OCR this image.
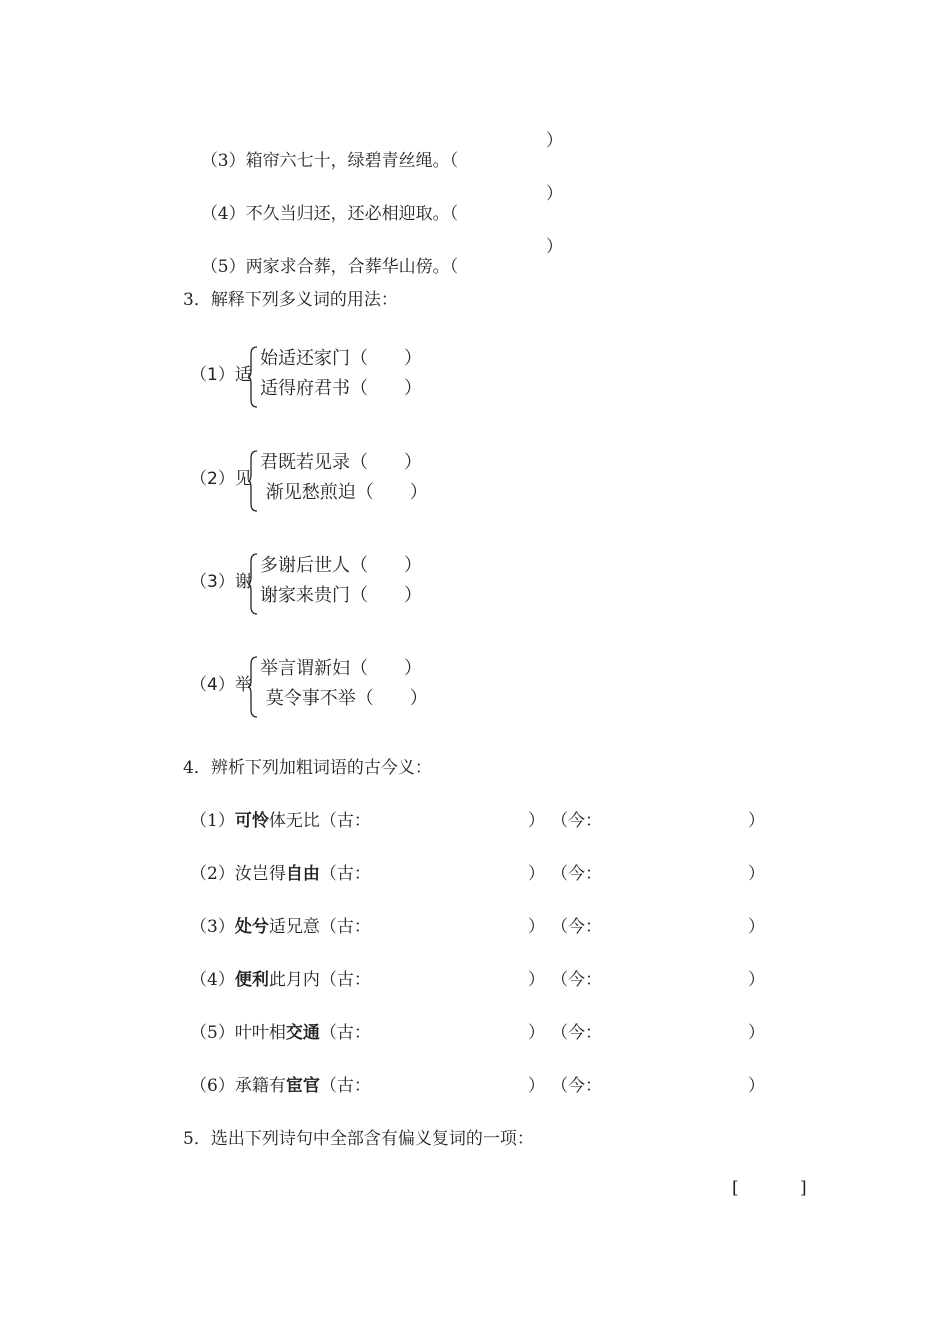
（3）箱帘六七十，绿碧青丝绳。（

）

（4）不久当归还，还必相迎取。（

）

（5）两家求合葬，合葬华山傍。（

）
3．解释下列多义词的用法：
（1）适
始适还家门（　　）
适得府君书（　　）
（2）见
君既若见录（　　）
渐见愁煎迫（　　）
（3）谢
多谢后世人（　　）
谢家来贵门（　　）
（4）举
举言谓新妇（　　）
莫令事不举（　　）
4．辨析下列加粗词语的古今义：
（1）可怜体无比（古：	） （今：	）
（2）汝岂得自由（古：	） （今：	）
（3）处兮适兄意（古：	） （今：	）
（4）便利此月内（古：	） （今：	）
（5）叶叶相交通（古：	） （今：	）
（6）承籍有宦官（古：	） （今：	）
5．选出下列诗句中全部含有偏义复词的一项：
[	]
